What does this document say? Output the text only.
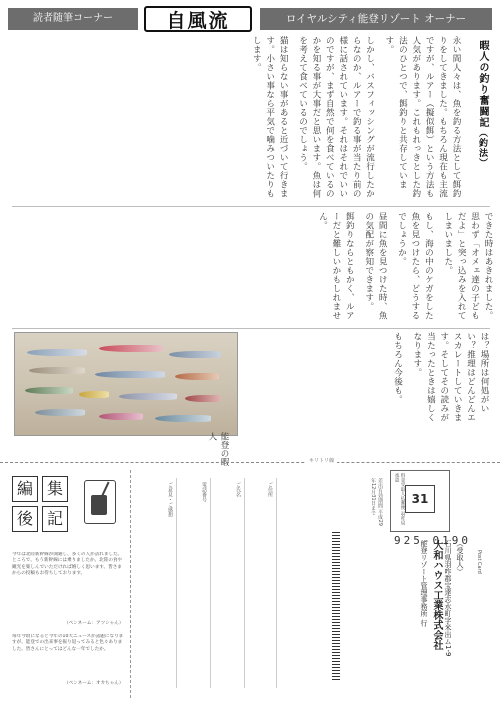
読者随筆コーナー	自風流	ロイヤルシティ能登リゾート オーナー
暇人の釣り奮闘記（釣法）

永い間人々は、魚を釣る方法として餌釣りをしてきました。もちろん現在も主流ですが、ルアー（擬似餌）という方法も人気があります。これもれっきとした釣法のひとつで、餌釣りと共存しています。

しかし、バスフィッシングが流行したからなのか、ルアーで釣る事が当たり前の様に話されています。それはそれでいいのですが、まず自然で何を食べているのかを知る事が大事だと思います。魚は何を考えて食べているのでしょう。

猫は知らない事があると近づいて行きます。小さい事なら平気で噛みついたりもします。

できた時はあきれました。思わず「オメェ達の子どもだよ」と突っ込みを入れてしまいました。

もし、海の中のケガをした魚を見つけたら、どうするでしょうか。

昼間に魚を見つけた時、魚の気配が察知できます。

餌釣りならともかく、ルアーだと難しいかもしれません。

は？場所は何処がいい？推理はどんどんエスカレートしていきます。そしてその読みが当たったときは嬉しくなります。

もちろん今後も。

能登の暇人
キリトリ線
編 集
後 記
今年は北陸新幹線が開通し、多くの人が訪れました。ところで、もう新幹線には乗りましたか。北陸の食や観光を楽しんでいただければ嬉しく思います。皆さまからの投稿もお待ちしております。
（ペンネーム：アツシゃん）
毎年今頃になると今年の10大ニュースが話題になりますが、能登での出来事を振り返ってみると色々ありました。皆さんにとってはどんな一年でしたか。
（ペンネーム：オカちゃん）
ご意見・ご感想	電話番号	ご氏名	ご住所	料金受取人払郵便 羽咋局 承認
31
差出有効期間 平成29年12月31日まで
925-0190
Post Card
（受取人）
石川県羽咋郡宝達志水町字米出ム1-9
大和ハウス工業株式会社
能登リゾート管理事務所 行
